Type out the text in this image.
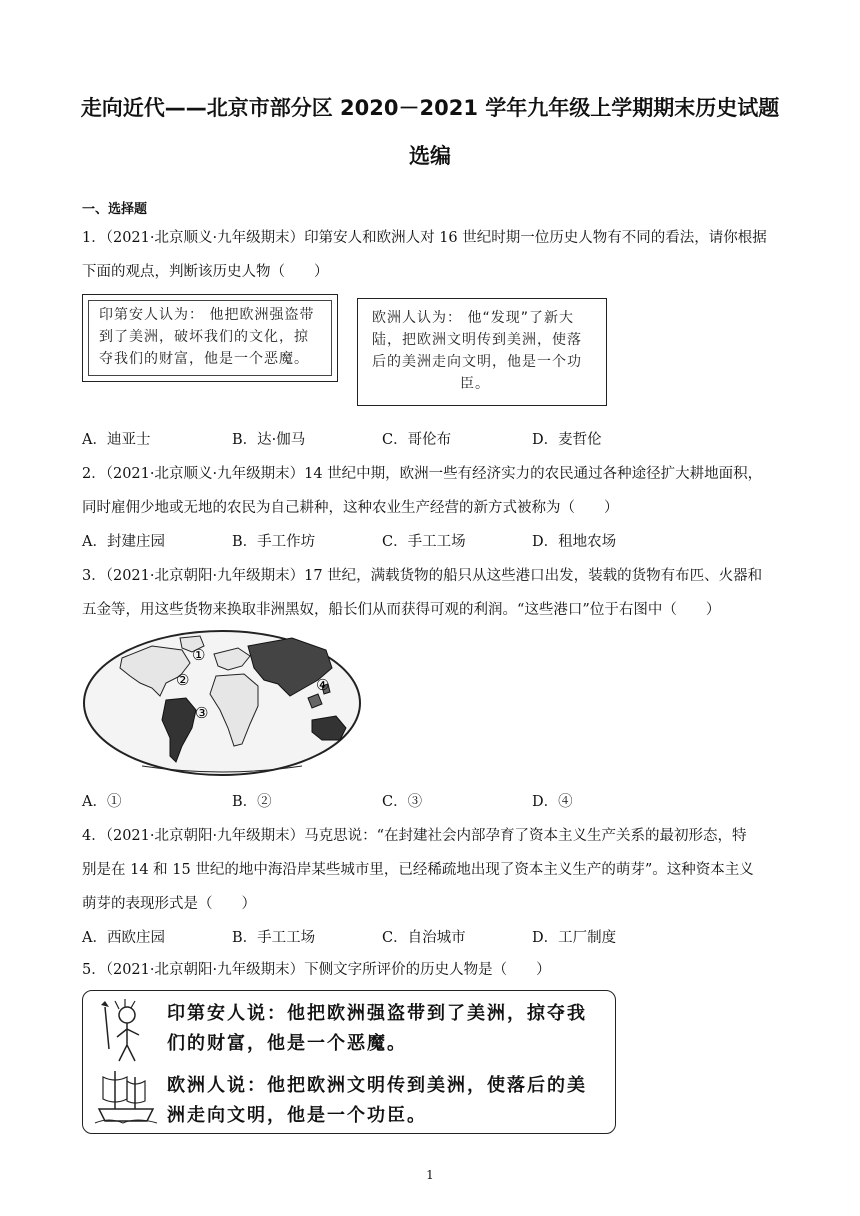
走向近代——北京市部分区 2020－2021 学年九年级上学期期末历史试题
选编
一、选择题
1．（2021·北京顺义·九年级期末）印第安人和欧洲人对 16 世纪时期一位历史人物有不同的看法，请你根据
下面的观点，判断该历史人物（　　）
印第安人认为： 他把欧洲强盗带
到了美洲，破坏我们的文化，掠
夺我们的财富，他是一个恶魔。
欧洲人认为： 他“发现”了新大
陆，把欧洲文明传到美洲，使落
后的美洲走向文明，他是一个功
臣。
A．迪亚士	B．达·伽马	C．哥伦布	D．麦哲伦
2．（2021·北京顺义·九年级期末）14 世纪中期，欧洲一些有经济实力的农民通过各种途径扩大耕地面积，
同时雇佣少地或无地的农民为自己耕种，这种农业生产经营的新方式被称为（　　）
A．封建庄园	B．手工作坊	C．手工工场	D．租地农场
3．（2021·北京朝阳·九年级期末）17 世纪，满载货物的船只从这些港口出发，装载的货物有布匹、火器和
五金等，用这些货物来换取非洲黑奴，船长们从而获得可观的利润。“这些港口”位于右图中（　　）
①
②
③
④
A．①	B．②	C．③	D．④
4．（2021·北京朝阳·九年级期末）马克思说：“在封建社会内部孕育了资本主义生产关系的最初形态，特
别是在 14 和 15 世纪的地中海沿岸某些城市里，已经稀疏地出现了资本主义生产的萌芽”。这种资本主义
萌芽的表现形式是（　　）
A．西欧庄园	B．手工工场	C．自治城市	D．工厂制度
5．（2021·北京朝阳·九年级期末）下侧文字所评价的历史人物是（　　）
印第安人说：他把欧洲强盗带到了美洲，掠夺我
们的财富，他是一个恶魔。
欧洲人说：他把欧洲文明传到美洲，使落后的美
洲走向文明，他是一个功臣。
1
